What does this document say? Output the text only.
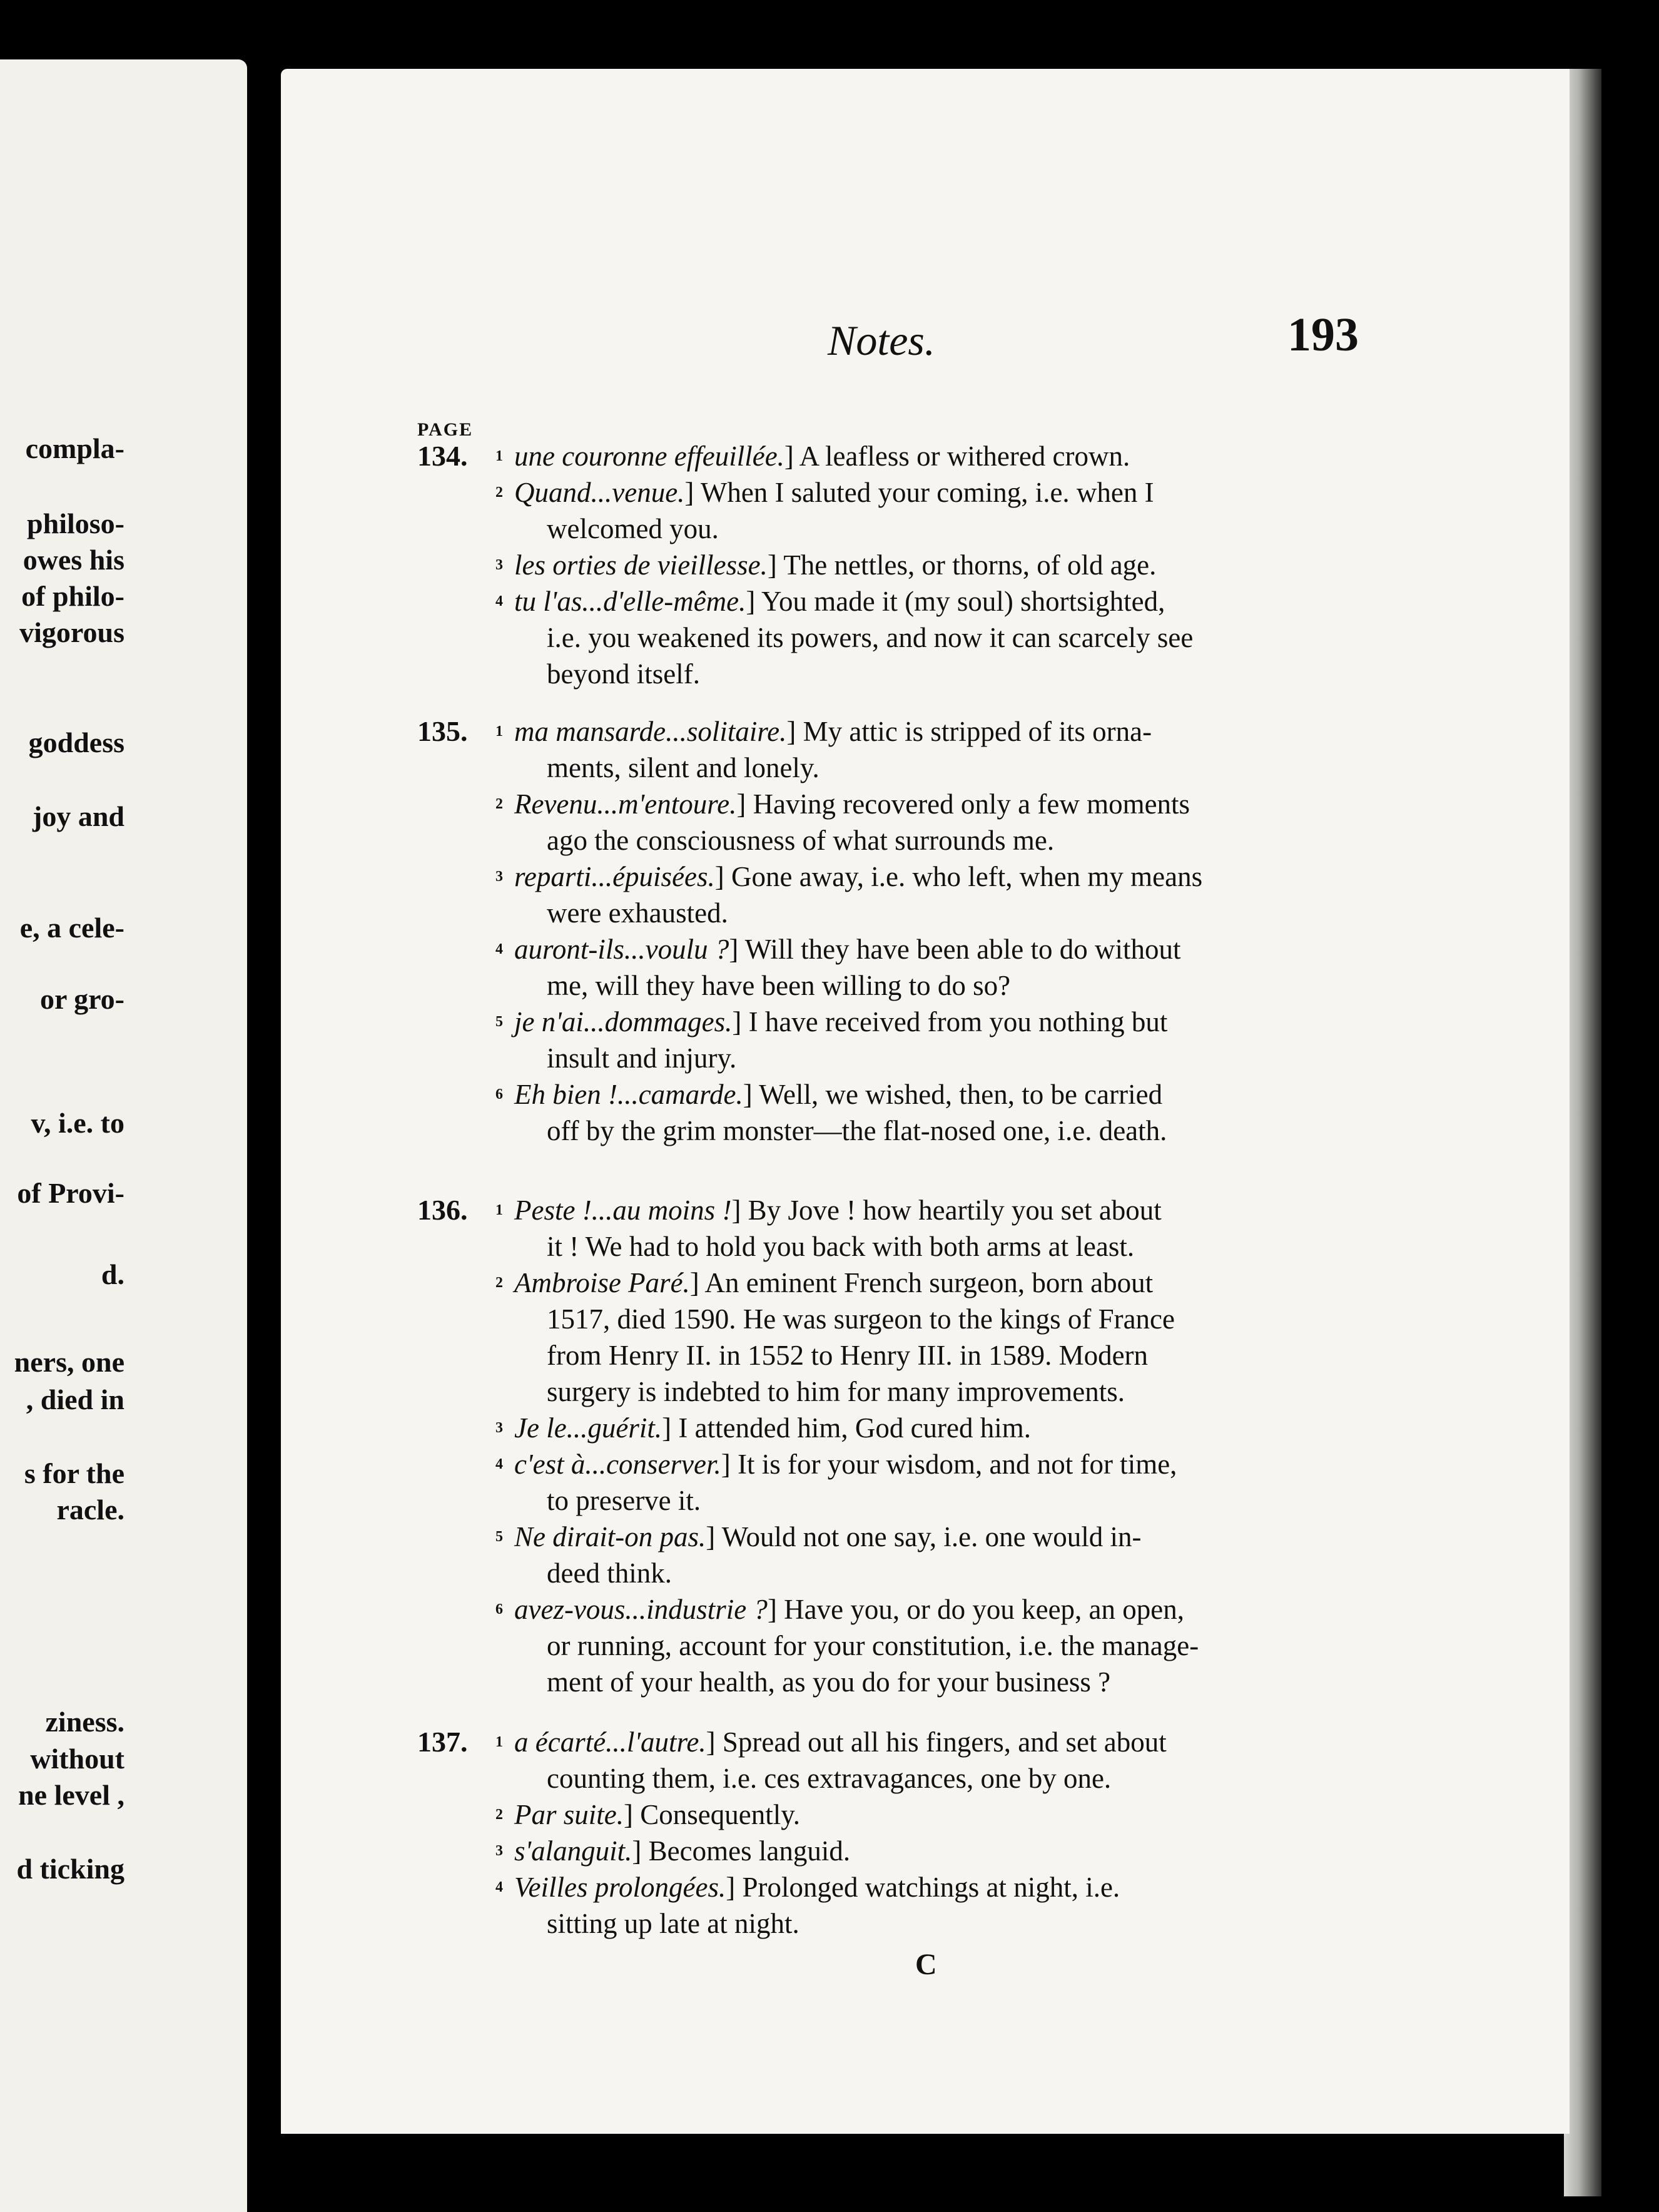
compla-
philoso-
owes his
of philo-
vigorous
goddess
joy and
e, a cele-
or gro-
v, i.e. to
of Provi-
d.
ners, one
, died in
s for the
racle.
ziness.
without
ne level ,
d ticking
Notes.	193
PAGE
134. 1 une couronne effeuillée.] A leafless or withered crown.
2 Quand...venue.] When I saluted your coming, i.e. when I
welcomed you.
3 les orties de vieillesse.] The nettles, or thorns, of old age.
4 tu l'as...d'elle-même.] You made it (my soul) shortsighted,
i.e. you weakened its powers, and now it can scarcely see
beyond itself.
135. 1 ma mansarde...solitaire.] My attic is stripped of its orna-
ments, silent and lonely.
2 Revenu...m'entoure.] Having recovered only a few moments
ago the consciousness of what surrounds me.
3 reparti...épuisées.] Gone away, i.e. who left, when my means
were exhausted.
4 auront-ils...voulu ?] Will they have been able to do without
me, will they have been willing to do so?
5 je n'ai...dommages.] I have received from you nothing but
insult and injury.
6 Eh bien !...camarde.] Well, we wished, then, to be carried
off by the grim monster—the flat-nosed one, i.e. death.
136. 1 Peste !...au moins !] By Jove ! how heartily you set about
it ! We had to hold you back with both arms at least.
2 Ambroise Paré.] An eminent French surgeon, born about
1517, died 1590. He was surgeon to the kings of France
from Henry II. in 1552 to Henry III. in 1589. Modern
surgery is indebted to him for many improvements.
3 Je le...guérit.] I attended him, God cured him.
4 c'est à...conserver.] It is for your wisdom, and not for time,
to preserve it.
5 Ne dirait-on pas.] Would not one say, i.e. one would in-
deed think.
6 avez-vous...industrie ?] Have you, or do you keep, an open,
or running, account for your constitution, i.e. the manage-
ment of your health, as you do for your business ?
137. 1 a écarté...l'autre.] Spread out all his fingers, and set about
counting them, i.e. ces extravagances, one by one.
2 Par suite.] Consequently.
3 s'alanguit.] Becomes languid.
4 Veilles prolongées.] Prolonged watchings at night, i.e.
sitting up late at night.
C
